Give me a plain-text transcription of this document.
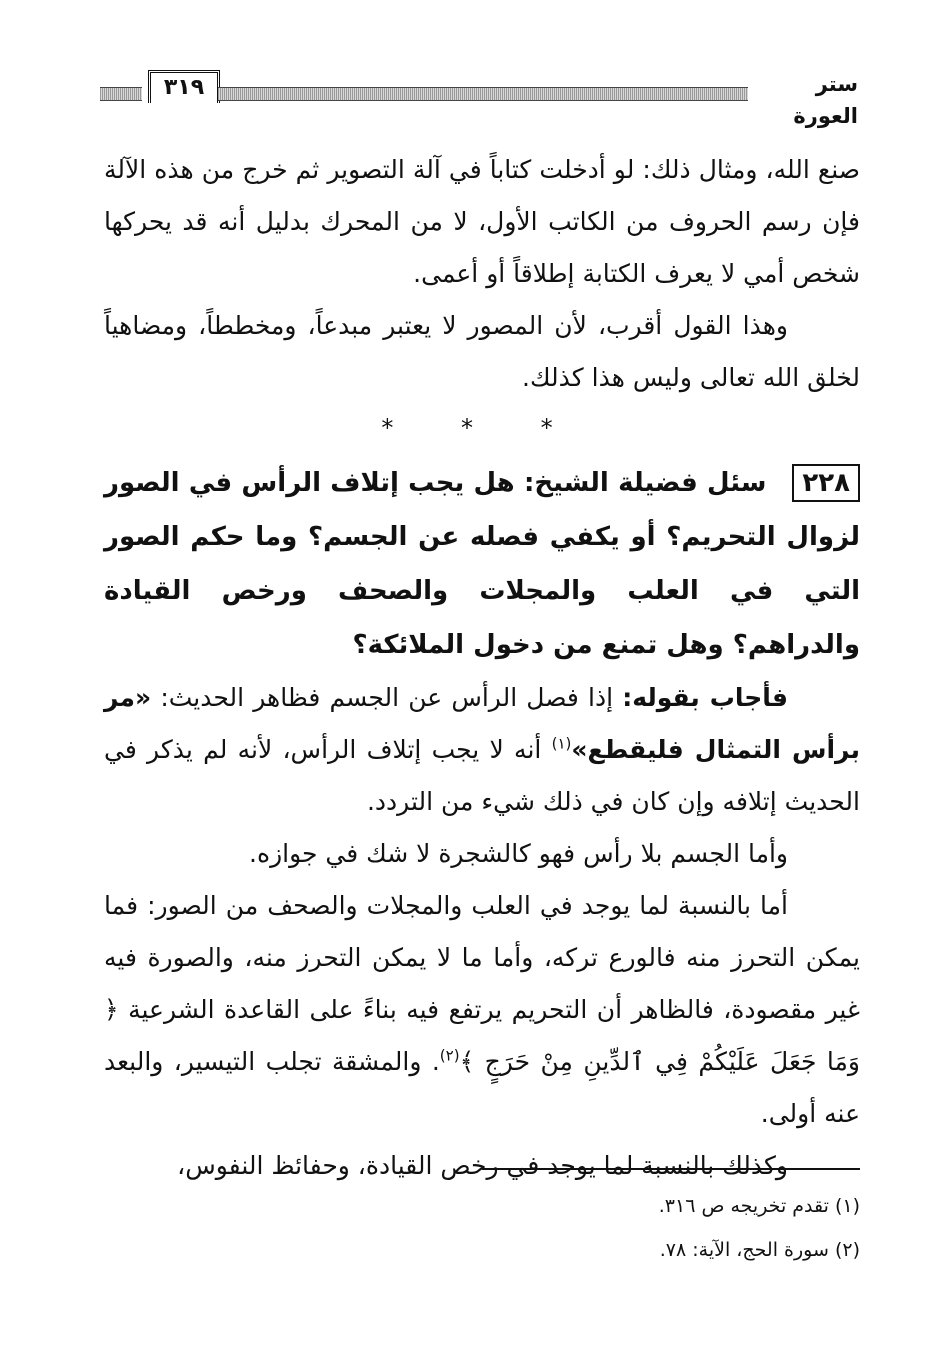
٣١٩	ستر العورة

صنع الله، ومثال ذلك: لو أدخلت كتاباً في آلة التصوير ثم خرج من هذه الآلة فإن رسم الحروف من الكاتب الأول، لا من المحرك بدليل أنه قد يحركها شخص أمي لا يعرف الكتابة إطلاقاً أو أعمى.

وهذا القول أقرب، لأن المصور لا يعتبر مبدعاً، ومخططاً، ومضاهياً لخلق الله تعالى وليس هذا كذلك.

* * *

٢٢٨سئل فضيلة الشيخ: هل يجب إتلاف الرأس في الصور لزوال التحريم؟ أو يكفي فصله عن الجسم؟ وما حكم الصور التي في العلب والمجلات والصحف ورخص القيادة والدراهم؟ وهل تمنع من دخول الملائكة؟

فأجاب بقوله: إذا فصل الرأس عن الجسم فظاهر الحديث: «مر برأس التمثال فليقطع»$^{(١)}$ أنه لا يجب إتلاف الرأس، لأنه لم يذكر في الحديث إتلافه وإن كان في ذلك شيء من التردد.

وأما الجسم بلا رأس فهو كالشجرة لا شك في جوازه.

أما بالنسبة لما يوجد في العلب والمجلات والصحف من الصور: فما يمكن التحرز منه فالورع تركه، وأما ما لا يمكن التحرز منه، والصورة فيه غير مقصودة، فالظاهر أن التحريم يرتفع فيه بناءً على القاعدة الشرعية ﴿ وَمَا جَعَلَ عَلَيْكُمْ فِي ٱلدِّينِ مِنْ حَرَجٍ ﴾$^{(٢)}$. والمشقة تجلب التيسير، والبعد عنه أولى.

وكذلك بالنسبة لما يوجد في رخص القيادة، وحفائظ النفوس،

(١) تقدم تخريجه ص ٣١٦.

(٢) سورة الحج، الآية: ٧٨.
